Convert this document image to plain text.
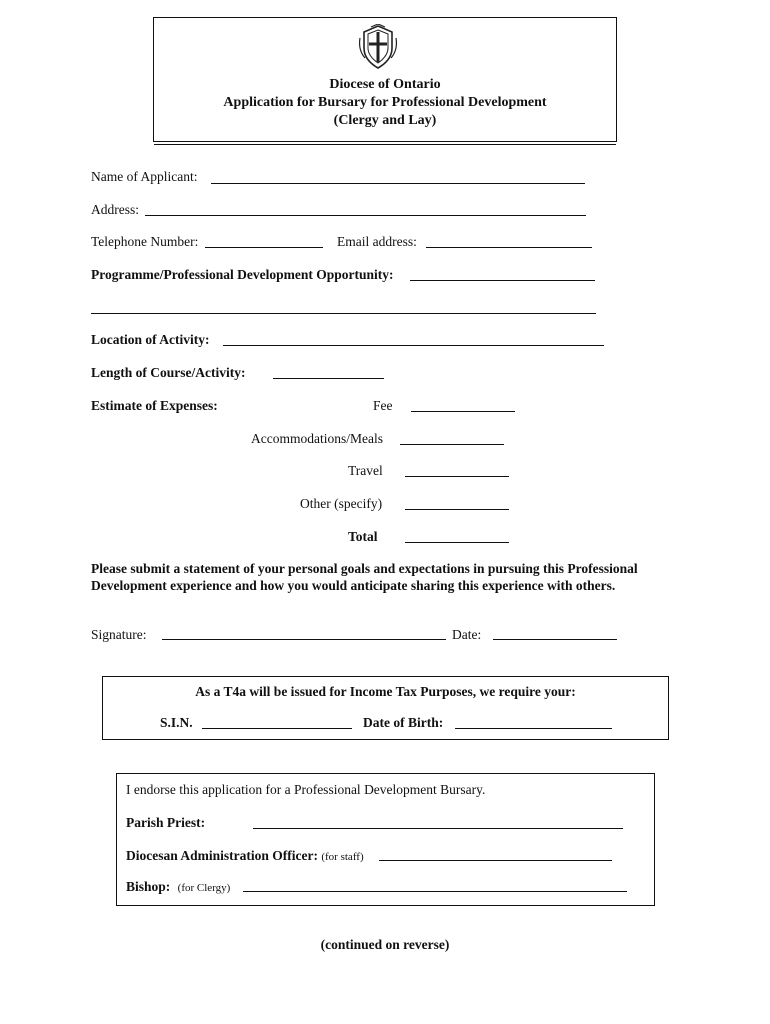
Diocese of Ontario
Application for Bursary for Professional Development
(Clergy and Lay)
Name of Applicant:
Address:
Telephone Number:	Email address:
Programme/Professional Development Opportunity:
Location of Activity:
Length of Course/Activity:
Estimate of Expenses:	Fee
Accommodations/Meals
Travel
Other (specify)
Total
Please submit a statement of your personal goals and expectations in pursuing this Professional
Development experience and how you would anticipate sharing this experience with others.
Signature:	Date:
As a T4a will be issued for Income Tax Purposes, we require your:
S.I.N.	Date of Birth:
I endorse this application for a Professional Development Bursary.
Parish Priest:
Diocesan Administration Officer: (for staff)
Bishop: (for Clergy)
(continued on reverse)
